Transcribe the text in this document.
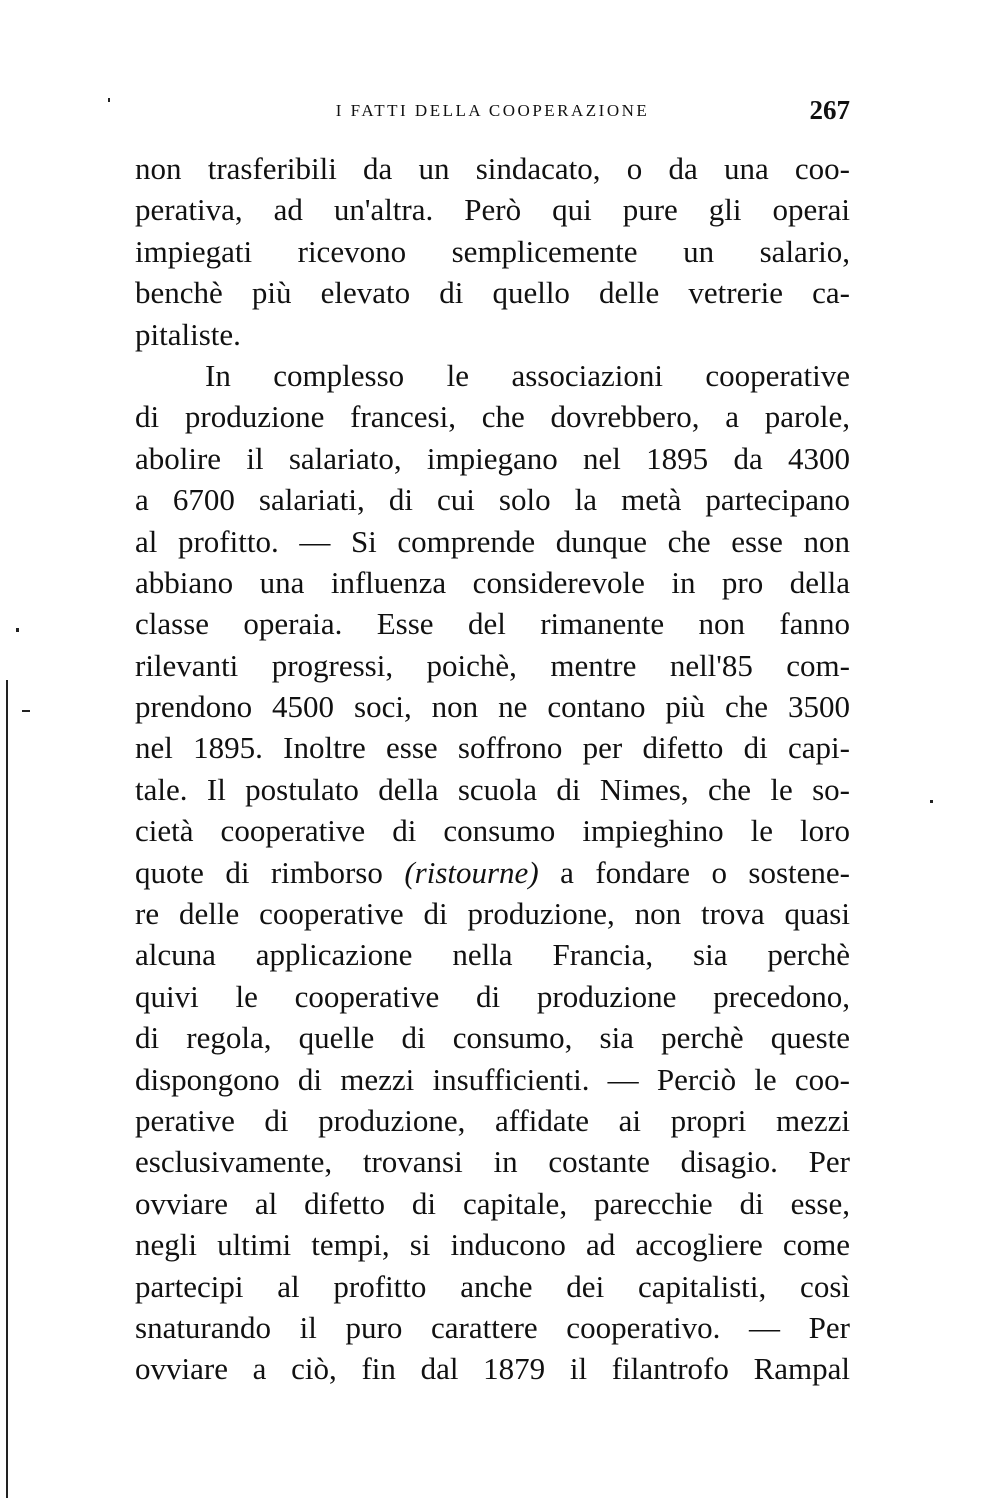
I FATTI DELLA COOPERAZIONE	267
non trasferibili da un sindacato, o da una coo-
perativa, ad un'altra. Però qui pure gli operai
impiegati ricevono semplicemente un salario,
benchè più elevato di quello delle vetrerie ca-
pitaliste.
In complesso le associazioni cooperative
di produzione francesi, che dovrebbero, a parole,
abolire il salariato, impiegano nel 1895 da 4300
a 6700 salariati, di cui solo la metà partecipano
al profitto. — Si comprende dunque che esse non
abbiano una influenza considerevole in pro della
classe operaia. Esse del rimanente non fanno
rilevanti progressi, poichè, mentre nell'85 com-
prendono 4500 soci, non ne contano più che 3500
nel 1895. Inoltre esse soffrono per difetto di capi-
tale. Il postulato della scuola di Nimes, che le so-
cietà cooperative di consumo impieghino le loro
quote di rimborso (ristourne) a fondare o sostene-
re delle cooperative di produzione, non trova quasi
alcuna applicazione nella Francia, sia perchè
quivi le cooperative di produzione precedono,
di regola, quelle di consumo, sia perchè queste
dispongono di mezzi insufficienti. — Perciò le coo-
perative di produzione, affidate ai propri mezzi
esclusivamente, trovansi in costante disagio. Per
ovviare al difetto di capitale, parecchie di esse,
negli ultimi tempi, si inducono ad accogliere come
partecipi al profitto anche dei capitalisti, così
snaturando il puro carattere cooperativo. — Per
ovviare a ciò, fin dal 1879 il filantrofo Rampal
